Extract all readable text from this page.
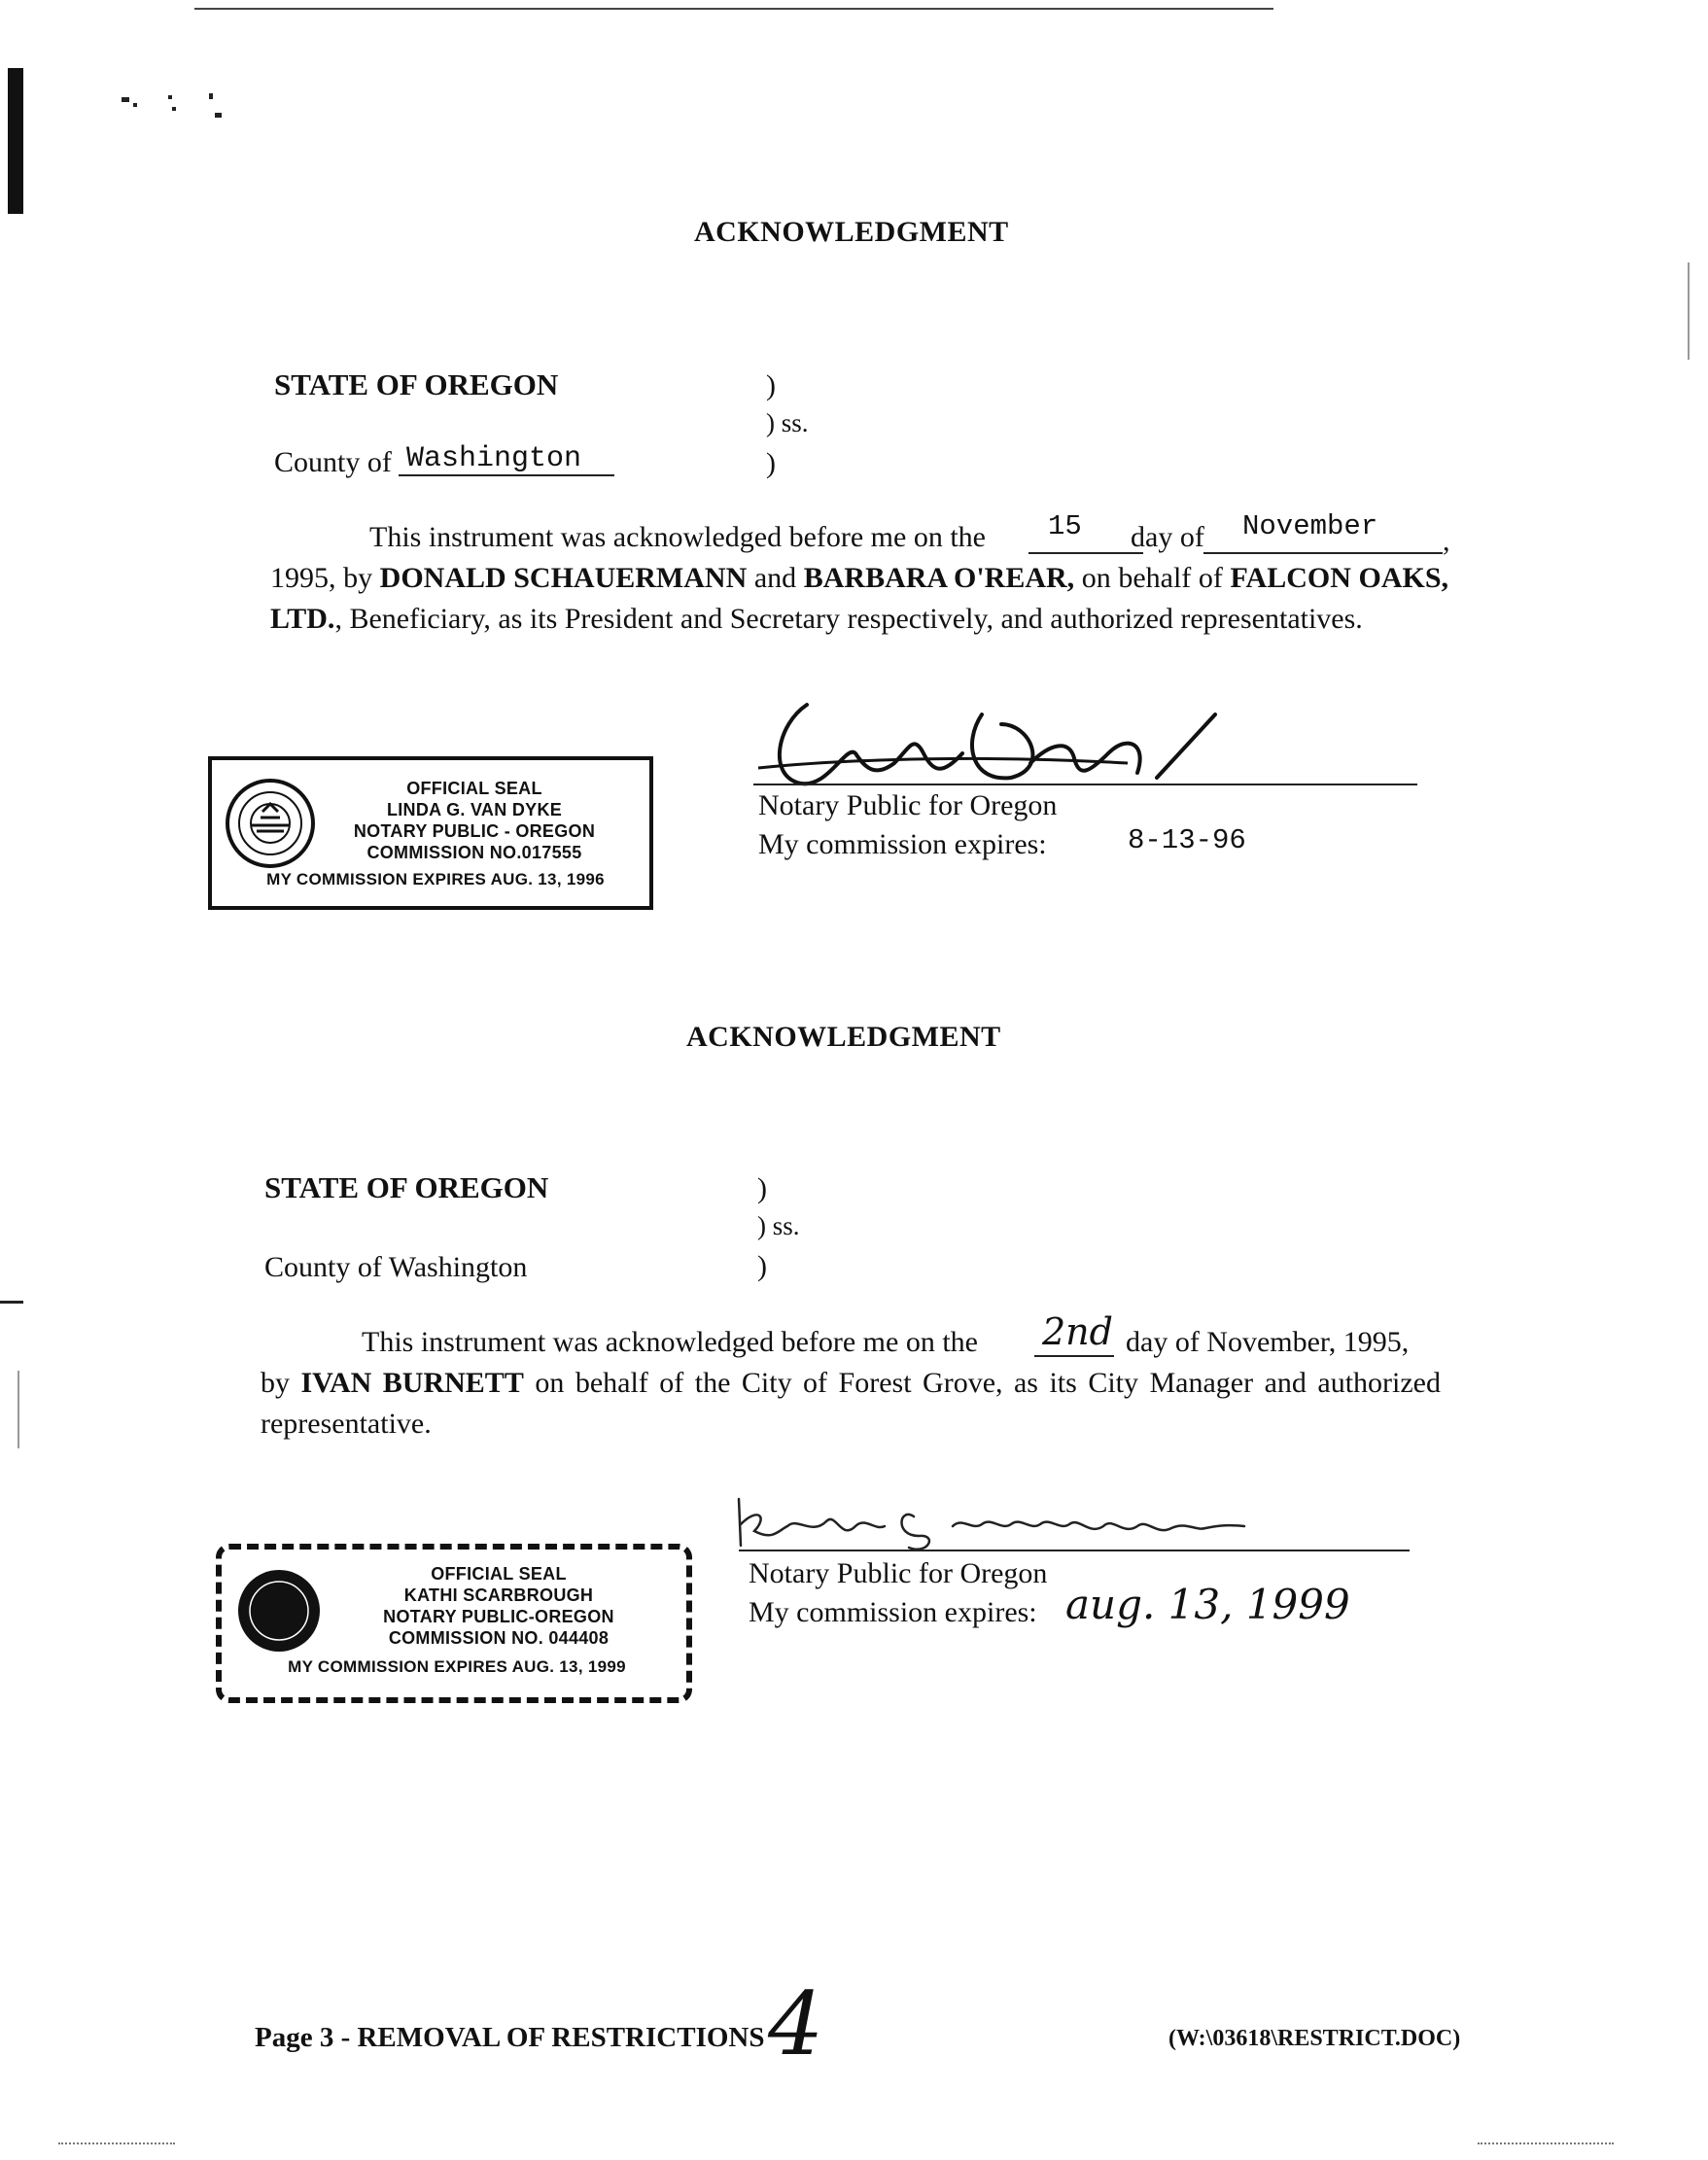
ACKNOWLEDGMENT
STATE OF OREGON	)
) ss.
County of Washington	)
This instrument was acknowledged before me on the 15 day of November ,
1995, by DONALD SCHAUERMANN and BARBARA O'REAR, on behalf of FALCON OAKS, LTD., Beneficiary, as its President and Secretary respectively, and authorized representatives.
OFFICIAL SEAL
LINDA G. VAN DYKE
NOTARY PUBLIC - OREGON
COMMISSION NO.017555
MY COMMISSION EXPIRES AUG. 13, 1996
Notary Public for Oregon
My commission expires:	8-13-96
ACKNOWLEDGMENT
STATE OF OREGON	)
) ss.
County of Washington	)
This instrument was acknowledged before me on the 2nd day of November, 1995,
by IVAN BURNETT on behalf of the City of Forest Grove, as its City Manager and authorized representative.
OFFICIAL SEAL
KATHI SCARBROUGH
NOTARY PUBLIC-OREGON
COMMISSION NO. 044408
MY COMMISSION EXPIRES AUG. 13, 1999
Notary Public for Oregon
My commission expires: aug. 13, 1999
Page 3 - REMOVAL OF RESTRICTIONS 4	(W:\03618\RESTRICT.DOC)
